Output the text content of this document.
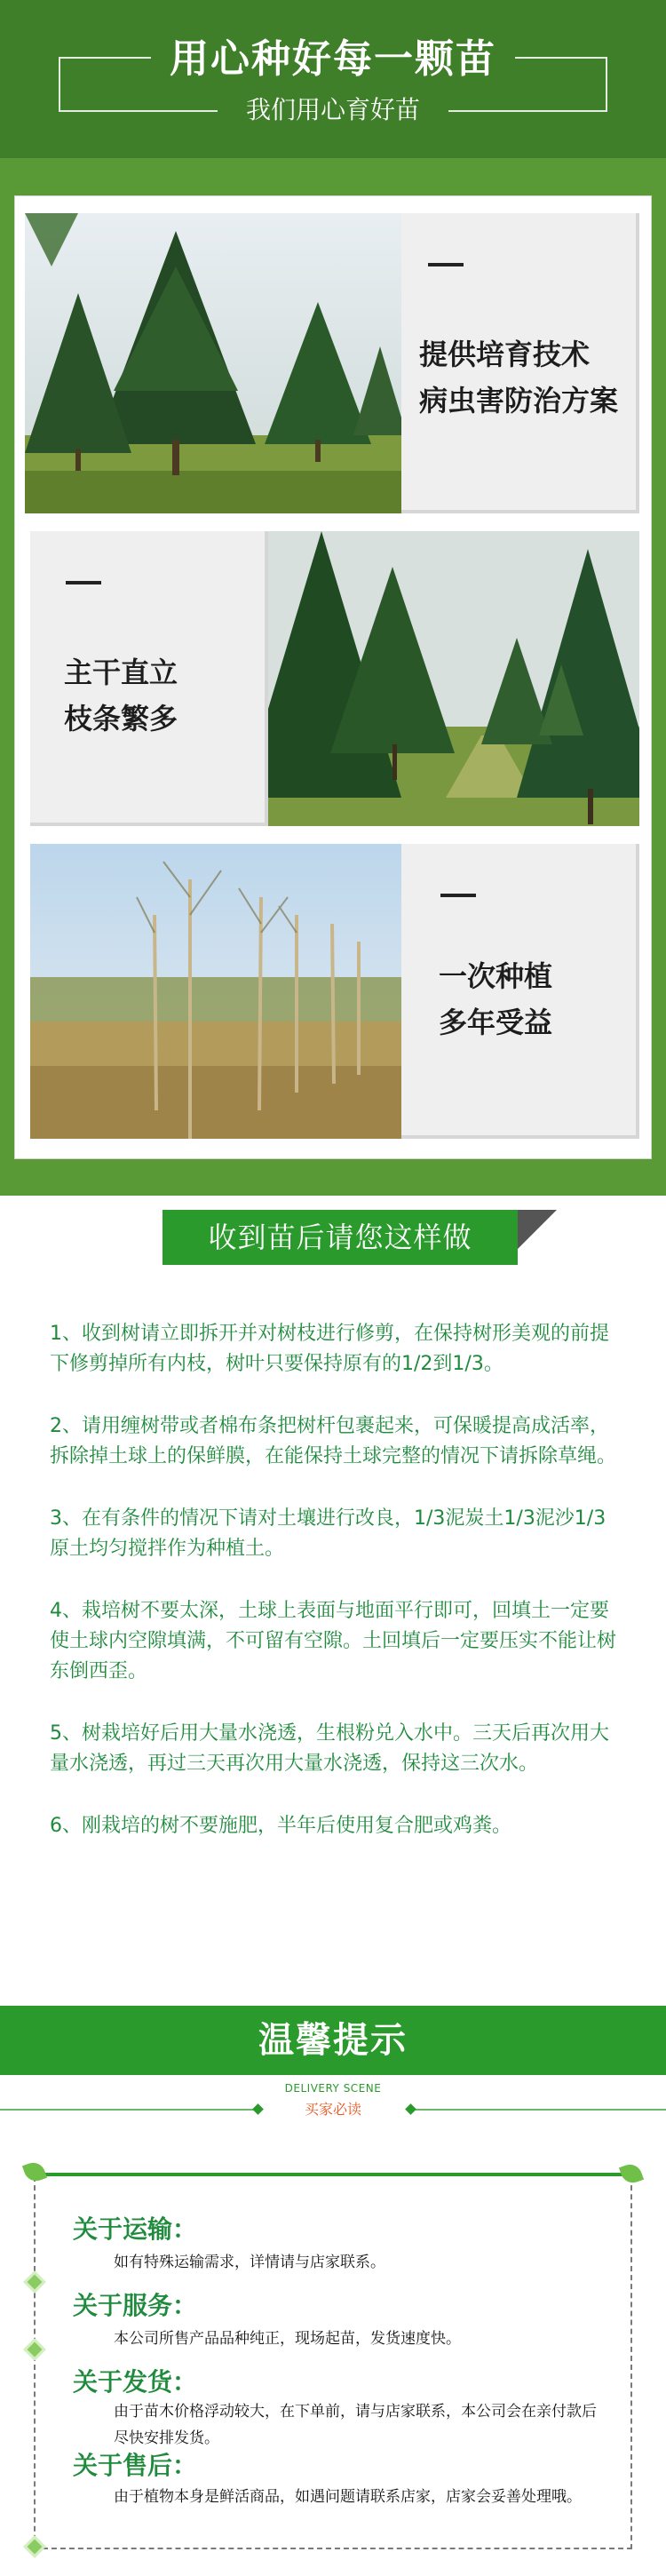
用心种好每一颗苗
我们用心育好苗
提供培育技术
病虫害防治方案
主干直立
枝条繁多
一次种植
多年受益
收到苗后请您这样做

1、收到树请立即拆开并对树枝进行修剪，在保持树形美观的前提下修剪掉所有内枝，树叶只要保持原有的1/2到1/3。

2、请用缠树带或者棉布条把树杆包裹起来，可保暖提高成活率，拆除掉土球上的保鲜膜，在能保持土球完整的情况下请拆除草绳。

3、在有条件的情况下请对土壤进行改良，1/3泥炭土1/3泥沙1/3原土均匀搅拌作为种植土。

4、栽培树不要太深，土球上表面与地面平行即可，回填土一定要使土球内空隙填满，不可留有空隙。土回填后一定要压实不能让树东倒西歪。

5、树栽培好后用大量水浇透，生根粉兑入水中。三天后再次用大量水浇透，再过三天再次用大量水浇透，保持这三次水。

6、刚栽培的树不要施肥，半年后使用复合肥或鸡粪。

温馨提示
DELIVERY SCENE
买家必读
关于运输：
如有特殊运输需求，详情请与店家联系。
关于服务：
本公司所售产品品种纯正，现场起苗，发货速度快。
关于发货：
由于苗木价格浮动较大，在下单前，请与店家联系，本公司会在亲付款后尽快安排发货。
关于售后：
由于植物本身是鲜活商品，如遇问题请联系店家，店家会妥善处理哦。
